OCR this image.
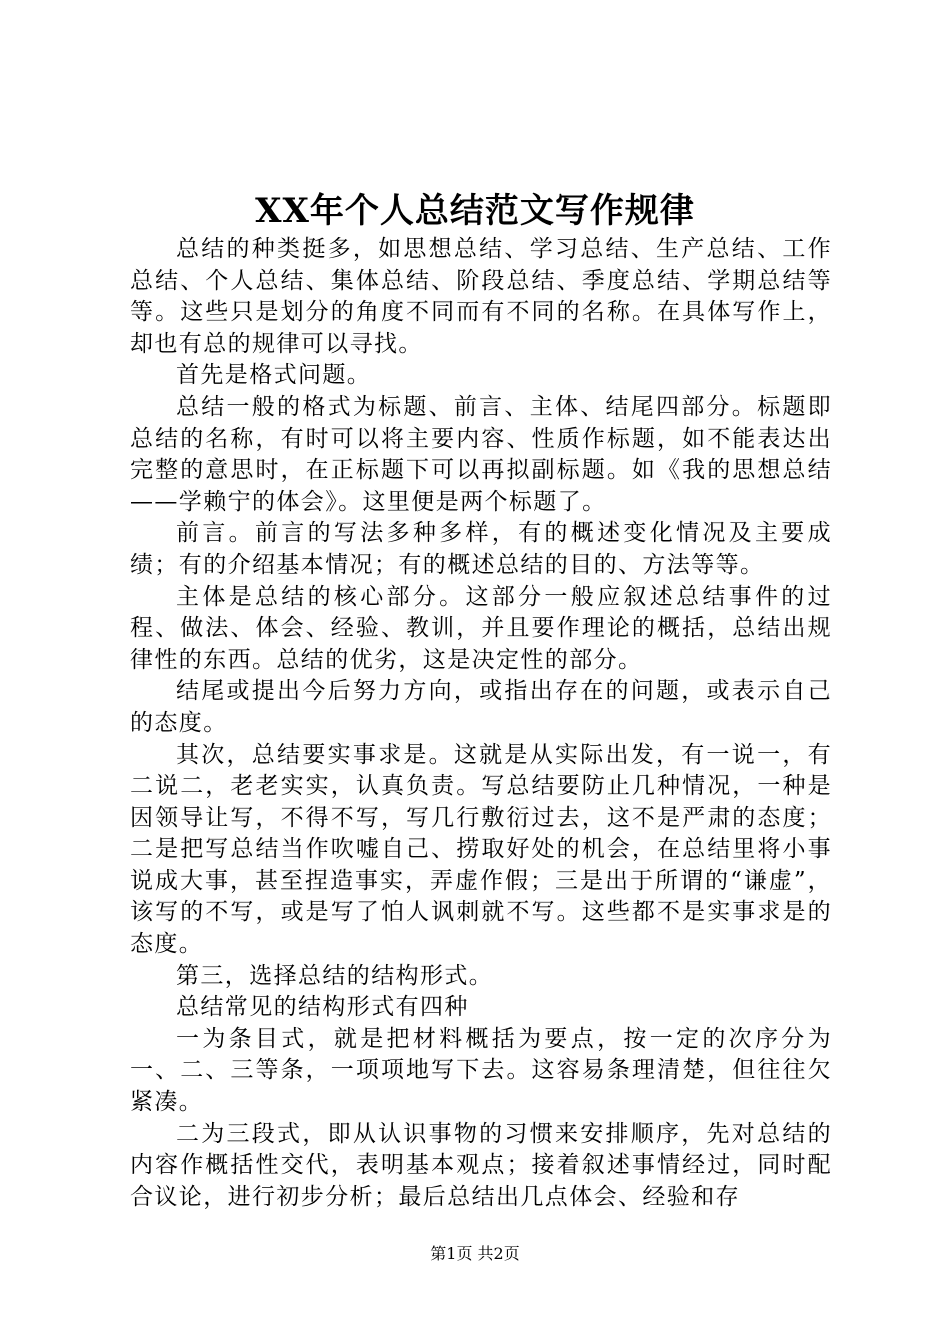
XX年个人总结范文写作规律

总结的种类挺多，如思想总结、学习总结、生产总结、工作总结、个人总结、集体总结、阶段总结、季度总结、学期总结等等。这些只是划分的角度不同而有不同的名称。在具体写作上，却也有总的规律可以寻找。

首先是格式问题。

总结一般的格式为标题、前言、主体、结尾四部分。标题即总结的名称，有时可以将主要内容、性质作标题，如不能表达出完整的意思时，在正标题下可以再拟副标题。如《我的思想总结——学赖宁的体会》。这里便是两个标题了。

前言。前言的写法多种多样，有的概述变化情况及主要成绩；有的介绍基本情况；有的概述总结的目的、方法等等。

主体是总结的核心部分。这部分一般应叙述总结事件的过程、做法、体会、经验、教训，并且要作理论的概括，总结出规律性的东西。总结的优劣，这是决定性的部分。

结尾或提出今后努力方向，或指出存在的问题，或表示自己的态度。

其次，总结要实事求是。这就是从实际出发，有一说一，有二说二，老老实实，认真负责。写总结要防止几种情况，一种是因领导让写，不得不写，写几行敷衍过去，这不是严肃的态度；二是把写总结当作吹嘘自己、捞取好处的机会，在总结里将小事说成大事，甚至捏造事实，弄虚作假；三是出于所谓的“谦虚”，该写的不写，或是写了怕人讽刺就不写。这些都不是实事求是的态度。

第三，选择总结的结构形式。

总结常见的结构形式有四种

一为条目式，就是把材料概括为要点，按一定的次序分为一、二、三等条，一项项地写下去。这容易条理清楚，但往往欠紧凑。

二为三段式，即从认识事物的习惯来安排顺序，先对总结的内容作概括性交代，表明基本观点；接着叙述事情经过，同时配合议论，进行初步分析；最后总结出几点体会、经验和存

第1页 共2页
